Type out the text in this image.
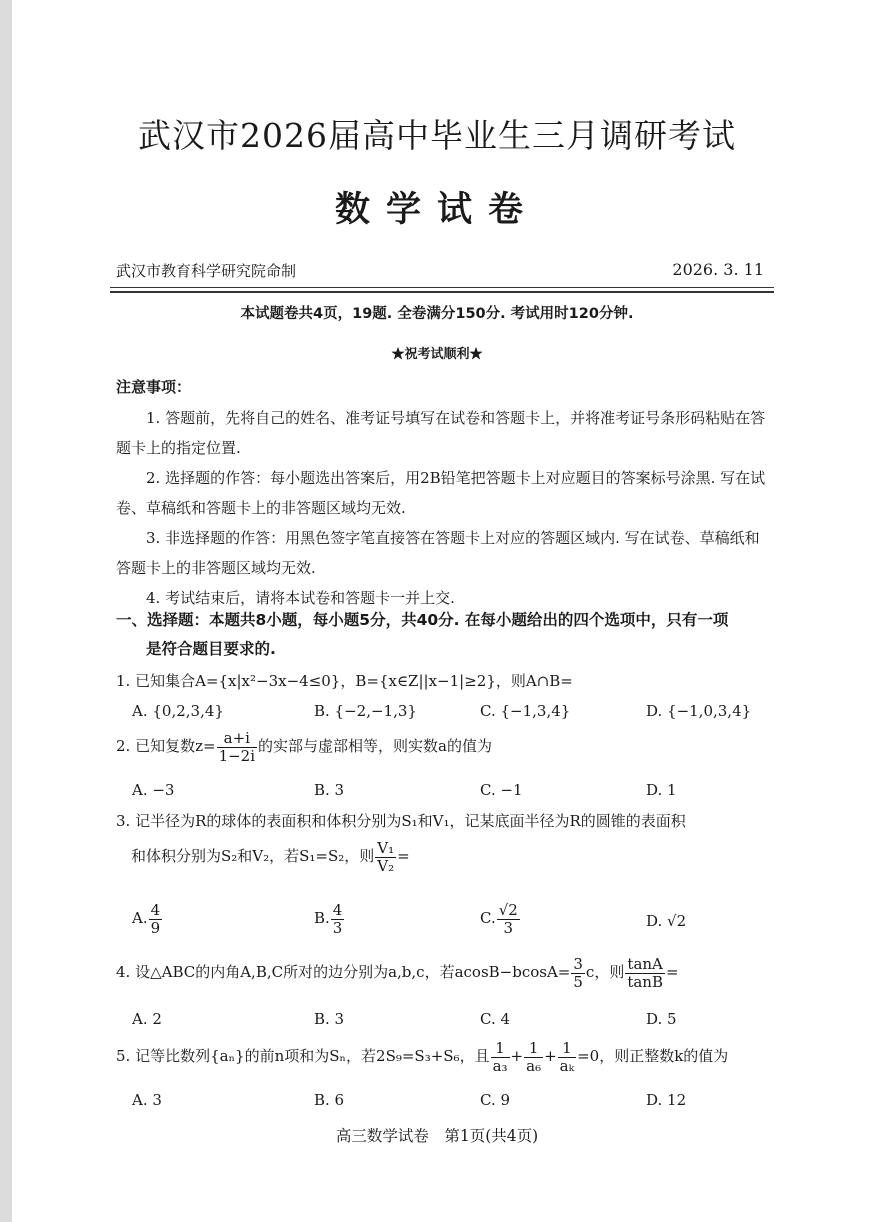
武汉市2026届高中毕业生三月调研考试
数学试卷
武汉市教育科学研究院命制	2026. 3. 11
本试题卷共4页，19题. 全卷满分150分. 考试用时120分钟.
★祝考试顺利★
注意事项：
1. 答题前，先将自己的姓名、准考证号填写在试卷和答题卡上，并将准考证号条形码粘贴在答题卡上的指定位置.
2. 选择题的作答：每小题选出答案后，用2B铅笔把答题卡上对应题目的答案标号涂黑. 写在试卷、草稿纸和答题卡上的非答题区域均无效.
3. 非选择题的作答：用黑色签字笔直接答在答题卡上对应的答题区域内. 写在试卷、草稿纸和答题卡上的非答题区域均无效.
4. 考试结束后，请将本试卷和答题卡一并上交.
一、选择题：本题共8小题，每小题5分，共40分. 在每小题给出的四个选项中，只有一项
是符合题目要求的.
1. 已知集合A={x|x²−3x−4≤0}，B={x∈Z||x−1|≥2}，则A∩B=
A. {0,2,3,4}	B. {−2,−1,3}	C. {−1,3,4}	D. {−1,0,3,4}
2. 已知复数$z= \frac{a+i}{1-2i}$ 的实部与虚部相等，则实数a的值为
A. −3	B. 3	C. −1	D. 1
3. 记半径为R的球体的表面积和体积分别为S₁和V₁，记某底面半径为R的圆锥的表面积
和体积分别为S₂和V₂，若S₁=S₂，则 $\frac{\text{V₁}}{\text{V₂}}$ =
A. $\frac{4}{9}$	B. $\frac{4}{3}$	C. $\frac{√2}{3}$	D. √2
4. 设△ABC的内角A,B,C所对的边分别为a,b,c，若$acosB-bcosA= \frac{3}{5}$ c，则 $\frac{\tan A}{\tan B}$ =
A. 2	B. 3	C. 4	D. 5
5. 记等比数列{aₙ}的前n项和为Sₙ，若2S₉=S₃+S₆，且 $\frac{1}{\text{a₃}} + \frac{1}{\text{a₆}} + \frac{1}{\text{aₖ}} =0$，则正整数k的值为
A. 3	B. 6	C. 9	D. 12
高三数学试卷　第1页(共4页)
